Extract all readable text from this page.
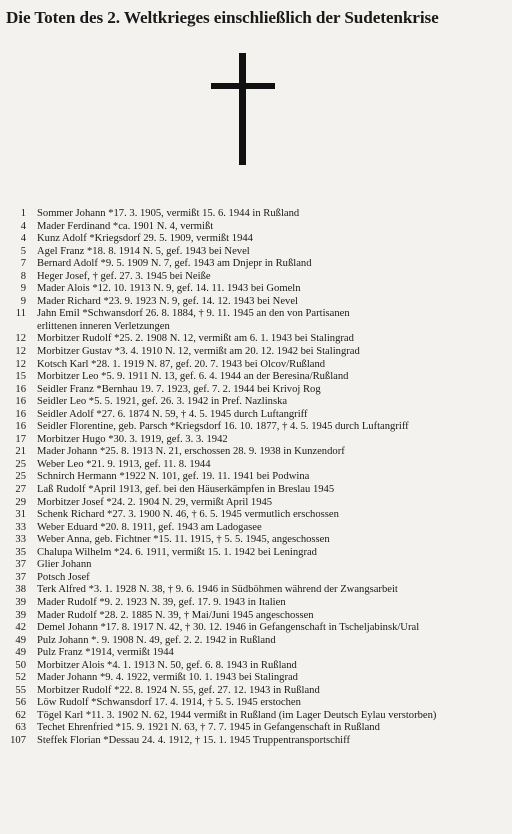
Die Toten des 2. Weltkrieges einschließlich der Sudetenkrise
1 Sommer Johann *17. 3. 1905, vermißt 15. 6. 1944 in Rußland
4 Mader Ferdinand *ca. 1901 N. 4, vermißt
4 Kunz Adolf *Kriegsdorf 29. 5. 1909, vermißt 1944
5 Agel Franz *18. 8. 1914 N. 5, gef. 1943 bei Nevel
7 Bernard Adolf *9. 5. 1909 N. 7, gef. 1943 am Dnjepr in Rußland
8 Heger Josef, † gef. 27. 3. 1945 bei Neiße
9 Mader Alois *12. 10. 1913 N. 9, gef. 14. 11. 1943 bei Gomeln
9 Mader Richard *23. 9. 1923 N. 9, gef. 14. 12. 1943 bei Nevel
11 Jahn Emil *Schwansdorf 26. 8. 1884, † 9. 11. 1945 an den von Partisanen
erlittenen inneren Verletzungen
12 Morbitzer Rudolf *25. 2. 1908 N. 12, vermißt am 6. 1. 1943 bei Stalingrad
12 Morbitzer Gustav *3. 4. 1910 N. 12, vermißt am 20. 12. 1942 bei Stalingrad
12 Kotsch Karl *28. 1. 1919 N. 87, gef. 20. 7. 1943 bei Olcov/Rußland
15 Morbitzer Leo *5. 9. 1911 N. 13, gef. 6. 4. 1944 an der Beresina/Rußland
16 Seidler Franz *Bernhau 19. 7. 1923, gef. 7. 2. 1944 bei Krivoj Rog
16 Seidler Leo *5. 5. 1921, gef. 26. 3. 1942 in Pref. Nazlinska
16 Seidler Adolf *27. 6. 1874 N. 59, † 4. 5. 1945 durch Luftangriff
16 Seidler Florentine, geb. Parsch *Kriegsdorf 16. 10. 1877, † 4. 5. 1945 durch Luftangriff
17 Morbitzer Hugo *30. 3. 1919, gef. 3. 3. 1942
21 Mader Johann *25. 8. 1913 N. 21, erschossen 28. 9. 1938 in Kunzendorf
25 Weber Leo *21. 9. 1913, gef. 11. 8. 1944
25 Schnirch Hermann *1922 N. 101, gef. 19. 11. 1941 bei Podwina
27 Laß Rudolf *April 1913, gef. bei den Häuserkämpfen in Breslau 1945
29 Morbitzer Josef *24. 2. 1904 N. 29, vermißt April 1945
31 Schenk Richard *27. 3. 1900 N. 46, † 6. 5. 1945 vermutlich erschossen
33 Weber Eduard *20. 8. 1911, gef. 1943 am Ladogasee
33 Weber Anna, geb. Fichtner *15. 11. 1915, † 5. 5. 1945, angeschossen
35 Chalupa Wilhelm *24. 6. 1911, vermißt 15. 1. 1942 bei Leningrad
37 Glier Johann
37 Potsch Josef
38 Terk Alfred *3. 1. 1928 N. 38, † 9. 6. 1946 in Südböhmen während der Zwangsarbeit
39 Mader Rudolf *9. 2. 1923 N. 39, gef. 17. 9. 1943 in Italien
39 Mader Rudolf *28. 2. 1885 N. 39, † Mai/Juni 1945 angeschossen
42 Demel Johann *17. 8. 1917 N. 42, † 30. 12. 1946 in Gefangenschaft in Tscheljabinsk/Ural
49 Pulz Johann *. 9. 1908 N. 49, gef. 2. 2. 1942 in Rußland
49 Pulz Franz *1914, vermißt 1944
50 Morbitzer Alois *4. 1. 1913 N. 50, gef. 6. 8. 1943 in Rußland
52 Mader Johann *9. 4. 1922, vermißt 10. 1. 1943 bei Stalingrad
55 Morbitzer Rudolf *22. 8. 1924 N. 55, gef. 27. 12. 1943 in Rußland
56 Löw Rudolf *Schwansdorf 17. 4. 1914, † 5. 5. 1945 erstochen
62 Tögel Karl *11. 3. 1902 N. 62, 1944 vermißt in Rußland (im Lager Deutsch Eylau verstorben)
63 Techet Ehrenfried *15. 9. 1921 N. 63, † 7. 7. 1945 in Gefangenschaft in Rußland
107 Steffek Florian *Dessau 24. 4. 1912, † 15. 1. 1945 Truppentransportschiff
